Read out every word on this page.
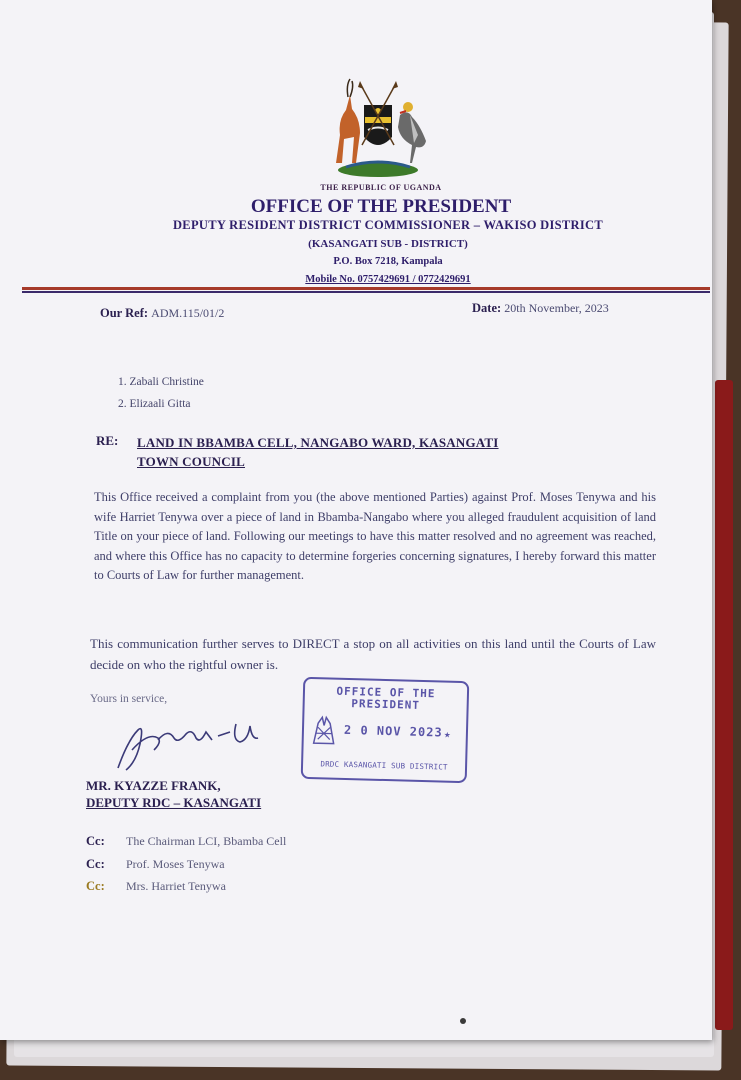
THE REPUBLIC OF UGANDA
OFFICE OF THE PRESIDENT
DEPUTY RESIDENT DISTRICT COMMISSIONER – WAKISO DISTRICT
(KASANGATI SUB - DISTRICT)
P.O. Box 7218, Kampala
Mobile No. 0757429691 / 0772429691
Our Ref: ADM.115/01/2	Date: 20th November, 2023
1. Zabali Christine
2. Elizaali Gitta
RE: LAND IN BBAMBA CELL, NANGABO WARD, KASANGATI
TOWN COUNCIL
This Office received a complaint from you (the above mentioned Parties) against Prof. Moses Tenywa and his wife Harriet Tenywa over a piece of land in Bbamba-Nangabo where you alleged fraudulent acquisition of land Title on your piece of land. Following our meetings to have this matter resolved and no agreement was reached, and where this Office has no capacity to determine forgeries concerning signatures, I hereby forward this matter to Courts of Law for further management.
This communication further serves to DIRECT a stop on all activities on this land until the Courts of Law decide on who the rightful owner is.
Yours in service,
MR. KYAZZE FRANK,
DEPUTY RDC – KASANGATI
OFFICE OF THE
PRESIDENT
2 0 NOV 2023 ★
DRDC KASANGATI SUB DISTRICT
Cc: The Chairman LCI, Bbamba Cell
Cc: Prof. Moses Tenywa
Cc: Mrs. Harriet Tenywa
